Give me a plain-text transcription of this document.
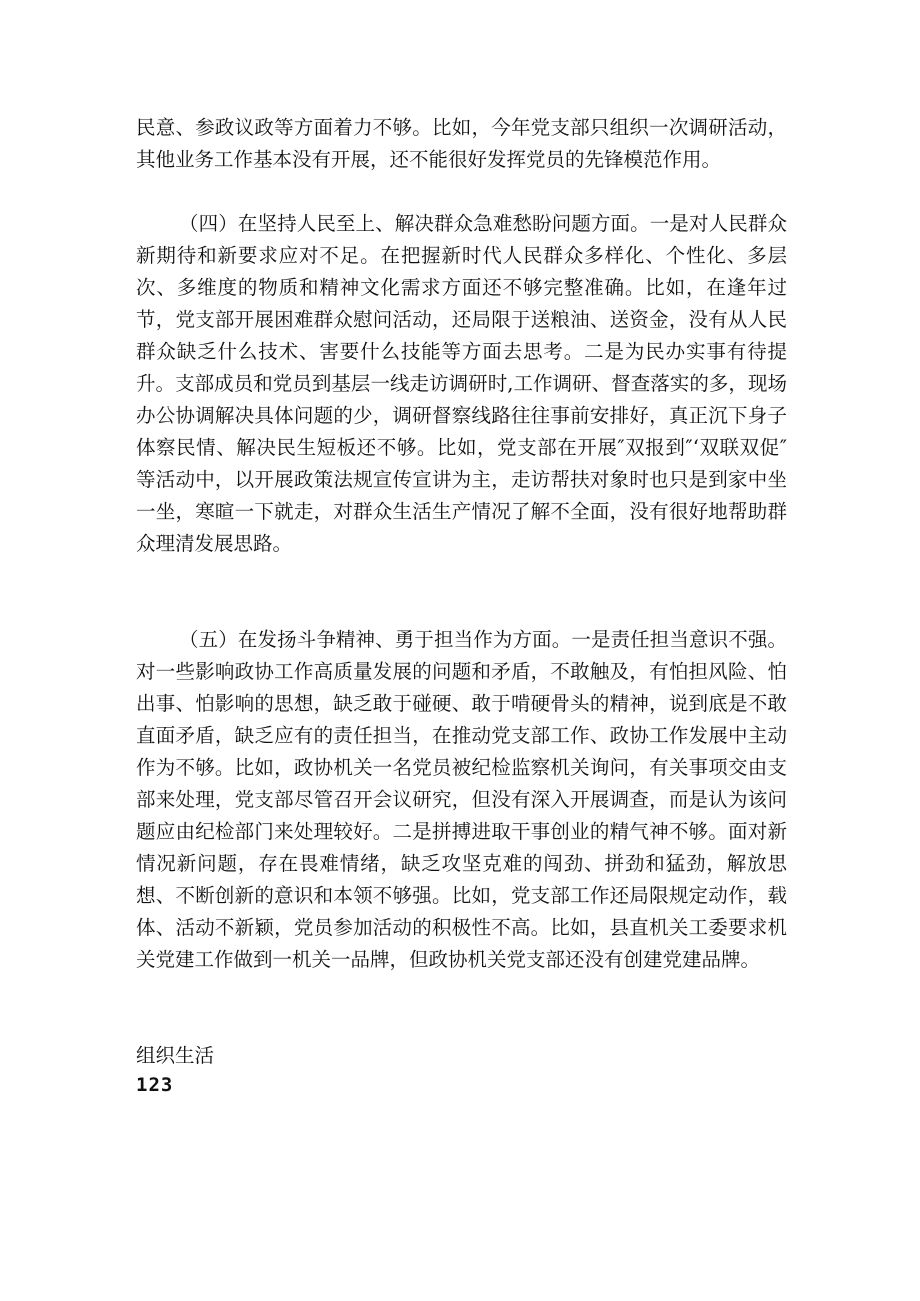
民意、参政议政等方面着力不够。比如，今年党支部只组织一次调研活动，其他业务工作基本没有开展，还不能很好发挥党员的先锋模范作用。

（四）在坚持人民至上、解决群众急难愁盼问题方面。一是对人民群众新期待和新要求应对不足。在把握新时代人民群众多样化、个性化、多层次、多维度的物质和精神文化需求方面还不够完整准确。比如，在逢年过节，党支部开展困难群众慰问活动，还局限于送粮油、送资金，没有从人民群众缺乏什么技术、害要什么技能等方面去思考。二是为民办实事有待提升。支部成员和党员到基层一线走访调研时,工作调研、督查落实的多，现场办公协调解决具体问题的少，调研督察线路往往事前安排好，真正沉下身子体察民情、解决民生短板还不够。比如，党支部在开展″双报到″‘双联双促″等活动中，以开展政策法规宣传宣讲为主，走访帮扶对象时也只是到家中坐一坐，寒暄一下就走，对群众生活生产情况了解不全面，没有很好地帮助群众理清发展思路。

（五）在发扬斗争精神、勇于担当作为方面。一是责任担当意识不强。对一些影响政协工作高质量发展的问题和矛盾，不敢触及，有怕担风险、怕出事、怕影响的思想，缺乏敢于碰硬、敢于啃硬骨头的精神，说到底是不敢直面矛盾，缺乏应有的责任担当，在推动党支部工作、政协工作发展中主动作为不够。比如，政协机关一名党员被纪检监察机关询问，有关事项交由支部来处理，党支部尽管召开会议研究，但没有深入开展调查，而是认为该问题应由纪检部门来处理较好。二是拼搏进取干事创业的精气神不够。面对新情况新问题，存在畏难情绪，缺乏攻坚克难的闯劲、拼劲和猛劲，解放思想、不断创新的意识和本领不够强。比如，党支部工作还局限规定动作，载体、活动不新颖，党员参加活动的积极性不高。比如，县直机关工委要求机关党建工作做到一机关一品牌，但政协机关党支部还没有创建党建品牌。

组织生活

123
